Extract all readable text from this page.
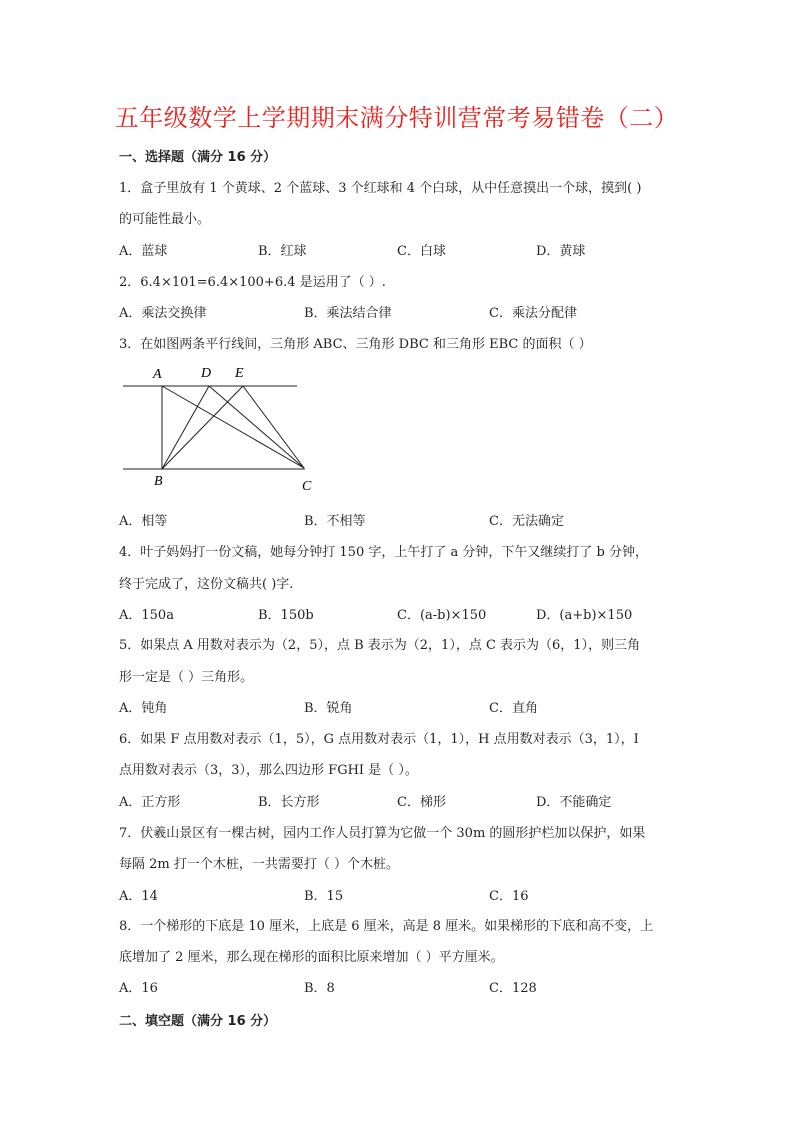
五年级数学上学期期末满分特训营常考易错卷（二）
一、选择题（满分 16 分）
1．盒子里放有 1 个黄球、2 个蓝球、3 个红球和 4 个白球，从中任意摸出一个球，摸到( )
的可能性最小。
A．蓝球	B．红球	C．白球	D．黄球
2．6.4×101=6.4×100+6.4 是运用了（ ）.
A．乘法交换律	B．乘法结合律	C．乘法分配律
3．在如图两条平行线间，三角形 ABC、三角形 DBC 和三角形 EBC 的面积（ ）
A	D E
B	C
A．相等	B．不相等	C．无法确定
4．叶子妈妈打一份文稿，她每分钟打 150 字，上午打了 a 分钟，下午又继续打了 b 分钟，
终于完成了，这份文稿共( )字.
A．150a	B．150b	C．(a-b)×150	D．(a+b)×150
5．如果点 A 用数对表示为（2，5），点 B 表示为（2，1），点 C 表示为（6，1），则三角
形一定是（ ）三角形。
A．钝角	B．锐角	C．直角
6．如果 F 点用数对表示（1，5），G 点用数对表示（1，1），H 点用数对表示（3，1），I
点用数对表示（3，3），那么四边形 FGHI 是（ ）。
A．正方形	B．长方形	C．梯形	D．不能确定
7．伏羲山景区有一棵古树，园内工作人员打算为它做一个 30m 的圆形护栏加以保护，如果
每隔 2m 打一个木桩，一共需要打（ ）个木桩。
A．14	B．15	C．16
8．一个梯形的下底是 10 厘米，上底是 6 厘米，高是 8 厘米。如果梯形的下底和高不变，上
底增加了 2 厘米，那么现在梯形的面积比原来增加（ ）平方厘米。
A．16	B．8	C．128
二、填空题（满分 16 分）
